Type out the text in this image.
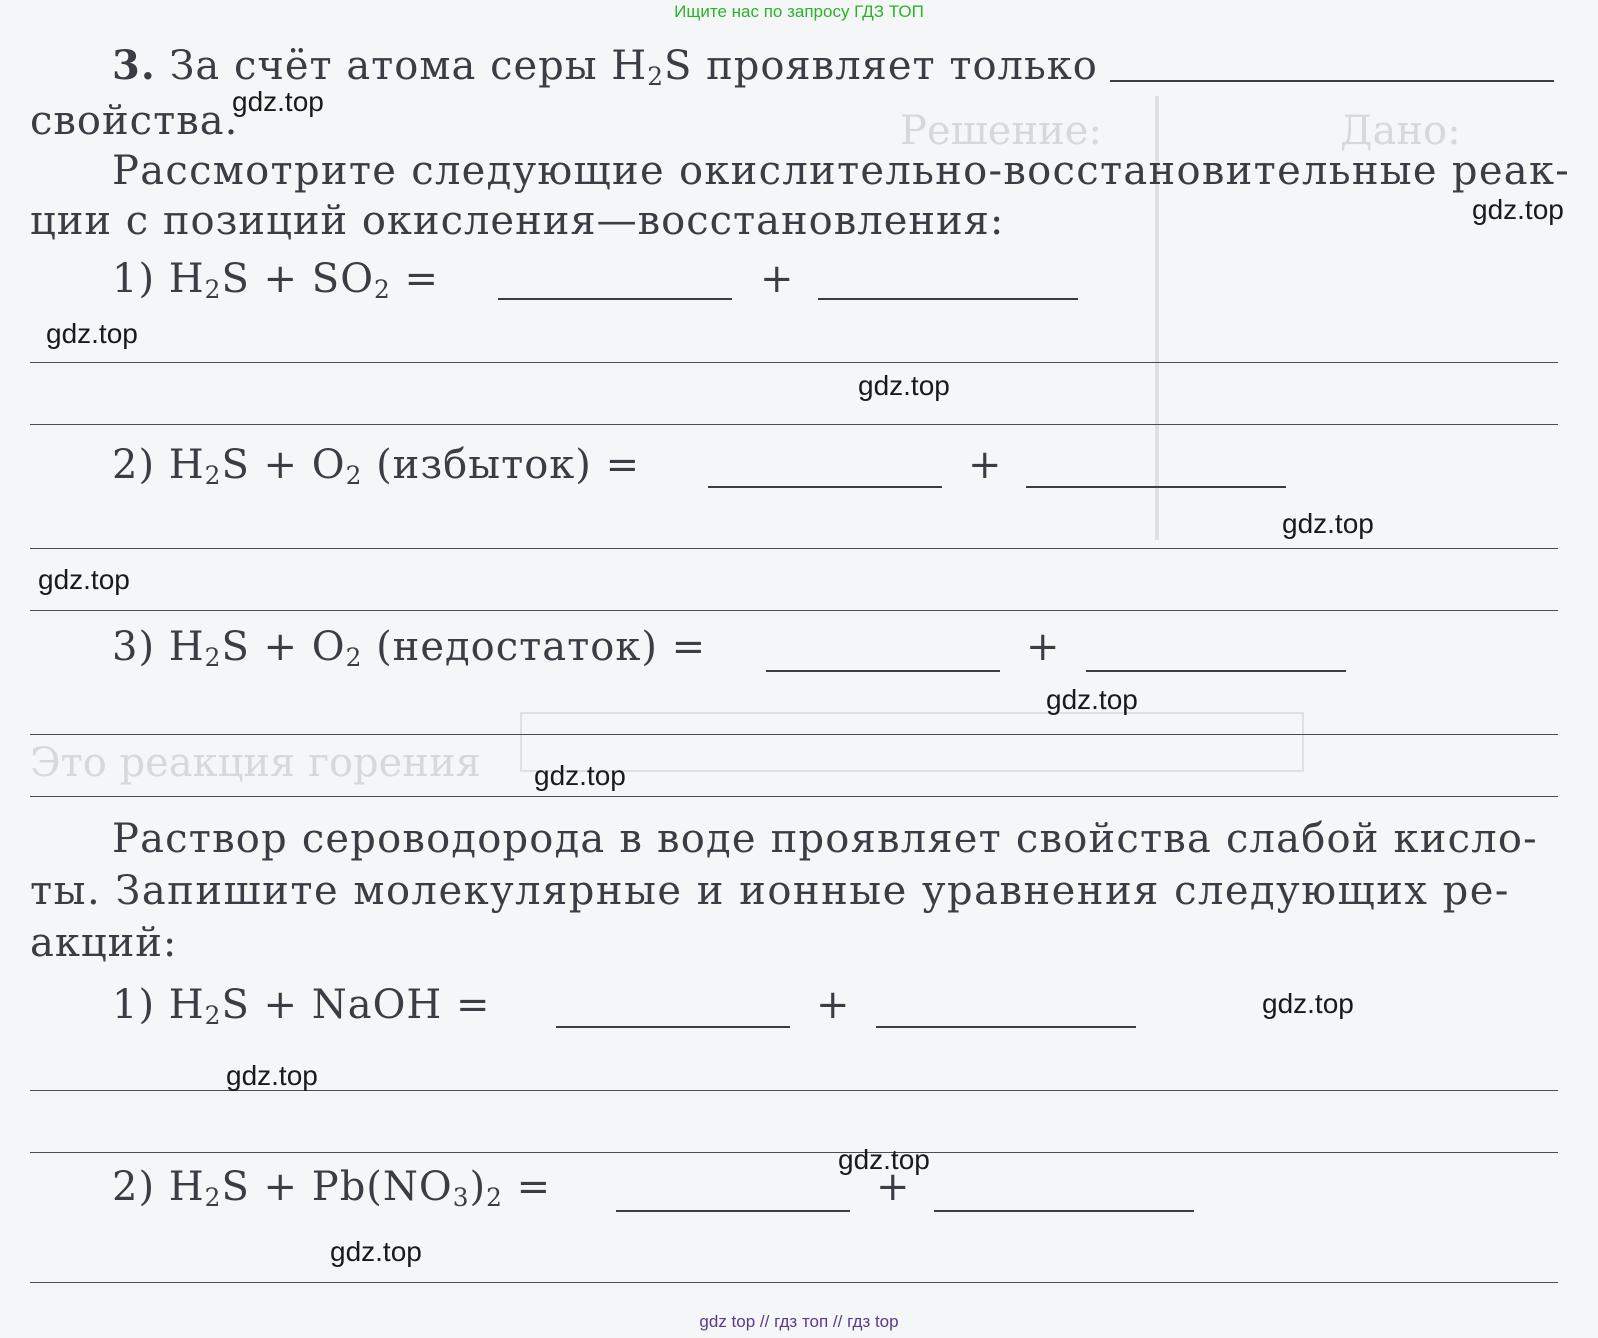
Дано:
Решение:
Это реакция горения
Ищите нас по запросу ГДЗ ТОП
3. За счёт атома серы $H_2S$ проявляет только
свойства.
Рассмотрите следующие окислительно-восстановительные реак-
ции с позиций окисления—восстановления:
1) $H_2S + SO_2$ =	+
2) $H_2S + O_2$ (избыток) =	+
3) $H_2S + O_2$ (недостаток) =	+
Раствор сероводорода в воде проявляет свойства слабой кисло-
ты. Запишите молекулярные и ионные уравнения следующих ре-
акций:
1) $H_2S$ + NaOH =	+
2) $H_2S + Pb(NO_3)_2$ =	+
gdz.top
gdz.top
gdz.top
gdz.top
gdz.top
gdz.top
gdz.top
gdz.top
gdz.top
gdz.top
gdz.top
gdz.top
gdz top // гдз топ // гдз top
